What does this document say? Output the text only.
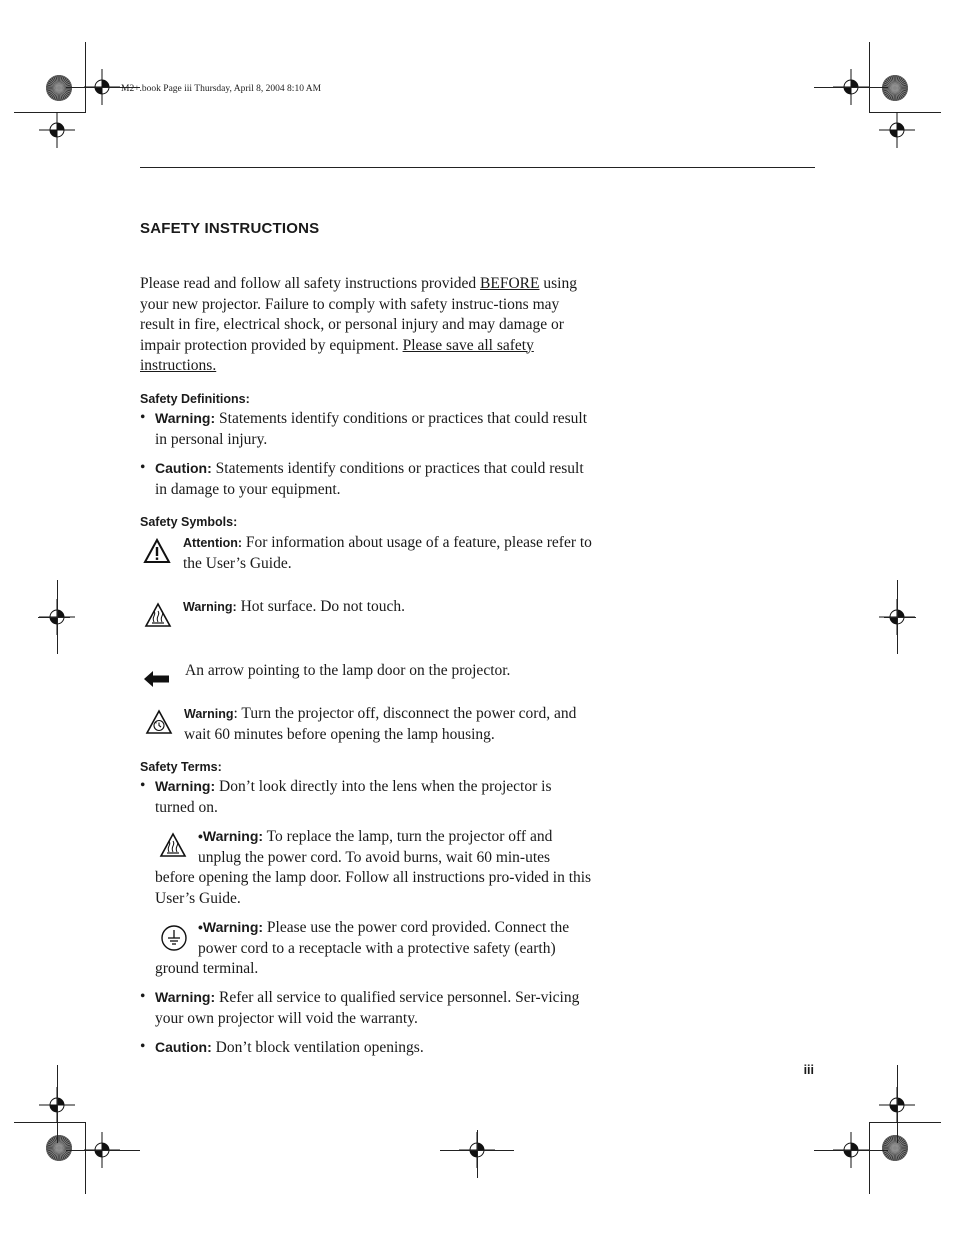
M2+.book Page iii Thursday, April 8, 2004 8:10 AM
SAFETY INSTRUCTIONS
Please read and follow all safety instructions provided BEFORE using your new projector. Failure to comply with safety instruc-tions may result in fire, electrical shock, or personal injury and may damage or impair protection provided by equipment. Please save all safety instructions.
Safety Definitions:
• Warning: Statements identify conditions or practices that could result in personal injury.
• Caution: Statements identify conditions or practices that could result in damage to your equipment.
Safety Symbols:
Attention: For information about usage of a feature, please refer to the User’s Guide.
Warning: Hot surface. Do not touch.
An arrow pointing to the lamp door on the projector.
Warning: Turn the projector off, disconnect the power cord, and wait 60 minutes before opening the lamp housing.
Safety Terms:
• Warning: Don’t look directly into the lens when the projector is turned on.
•Warning: To replace the lamp, turn the projector off and unplug the power cord. To avoid burns, wait 60 min-utes before opening the lamp door. Follow all instructions pro-vided in this User’s Guide.
•Warning: Please use the power cord provided. Connect the power cord to a receptacle with a protective safety (earth) ground terminal.
• Warning: Refer all service to qualified service personnel. Ser-vicing your own projector will void the warranty.
• Caution: Don’t block ventilation openings.
iii
